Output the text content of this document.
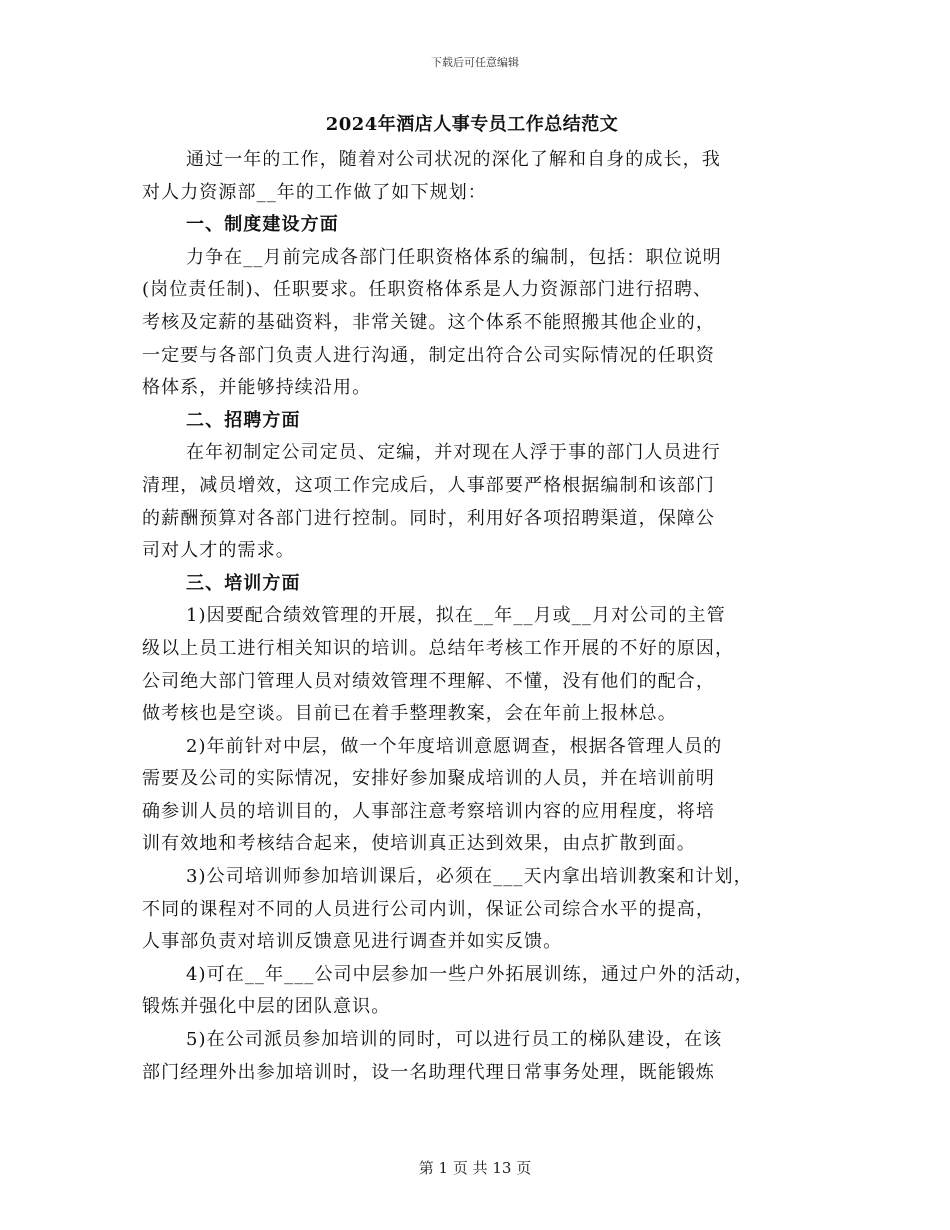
下载后可任意编辑
2024年酒店人事专员工作总结范文
通过一年的工作，随着对公司状况的深化了解和自身的成长，我
对人力资源部__年的工作做了如下规划：
一、制度建设方面
力争在__月前完成各部门任职资格体系的编制，包括：职位说明
(岗位责任制)、任职要求。任职资格体系是人力资源部门进行招聘、
考核及定薪的基础资料，非常关键。这个体系不能照搬其他企业的，
一定要与各部门负责人进行沟通，制定出符合公司实际情况的任职资
格体系，并能够持续沿用。
二、招聘方面
在年初制定公司定员、定编，并对现在人浮于事的部门人员进行
清理，减员增效，这项工作完成后，人事部要严格根据编制和该部门
的薪酬预算对各部门进行控制。同时，利用好各项招聘渠道，保障公
司对人才的需求。
三、培训方面
1)因要配合绩效管理的开展，拟在__年__月或__月对公司的主管
级以上员工进行相关知识的培训。总结年考核工作开展的不好的原因，
公司绝大部门管理人员对绩效管理不理解、不懂，没有他们的配合，
做考核也是空谈。目前已在着手整理教案，会在年前上报林总。
2)年前针对中层，做一个年度培训意愿调查，根据各管理人员的
需要及公司的实际情况，安排好参加聚成培训的人员，并在培训前明
确参训人员的培训目的，人事部注意考察培训内容的应用程度，将培
训有效地和考核结合起来，使培训真正达到效果，由点扩散到面。
3)公司培训师参加培训课后，必须在___天内拿出培训教案和计划，
不同的课程对不同的人员进行公司内训，保证公司综合水平的提高，
人事部负责对培训反馈意见进行调查并如实反馈。
4)可在__年___公司中层参加一些户外拓展训练，通过户外的活动，
锻炼并强化中层的团队意识。
5)在公司派员参加培训的同时，可以进行员工的梯队建设，在该
部门经理外出参加培训时，设一名助理代理日常事务处理，既能锻炼
第 1 页 共 13 页
